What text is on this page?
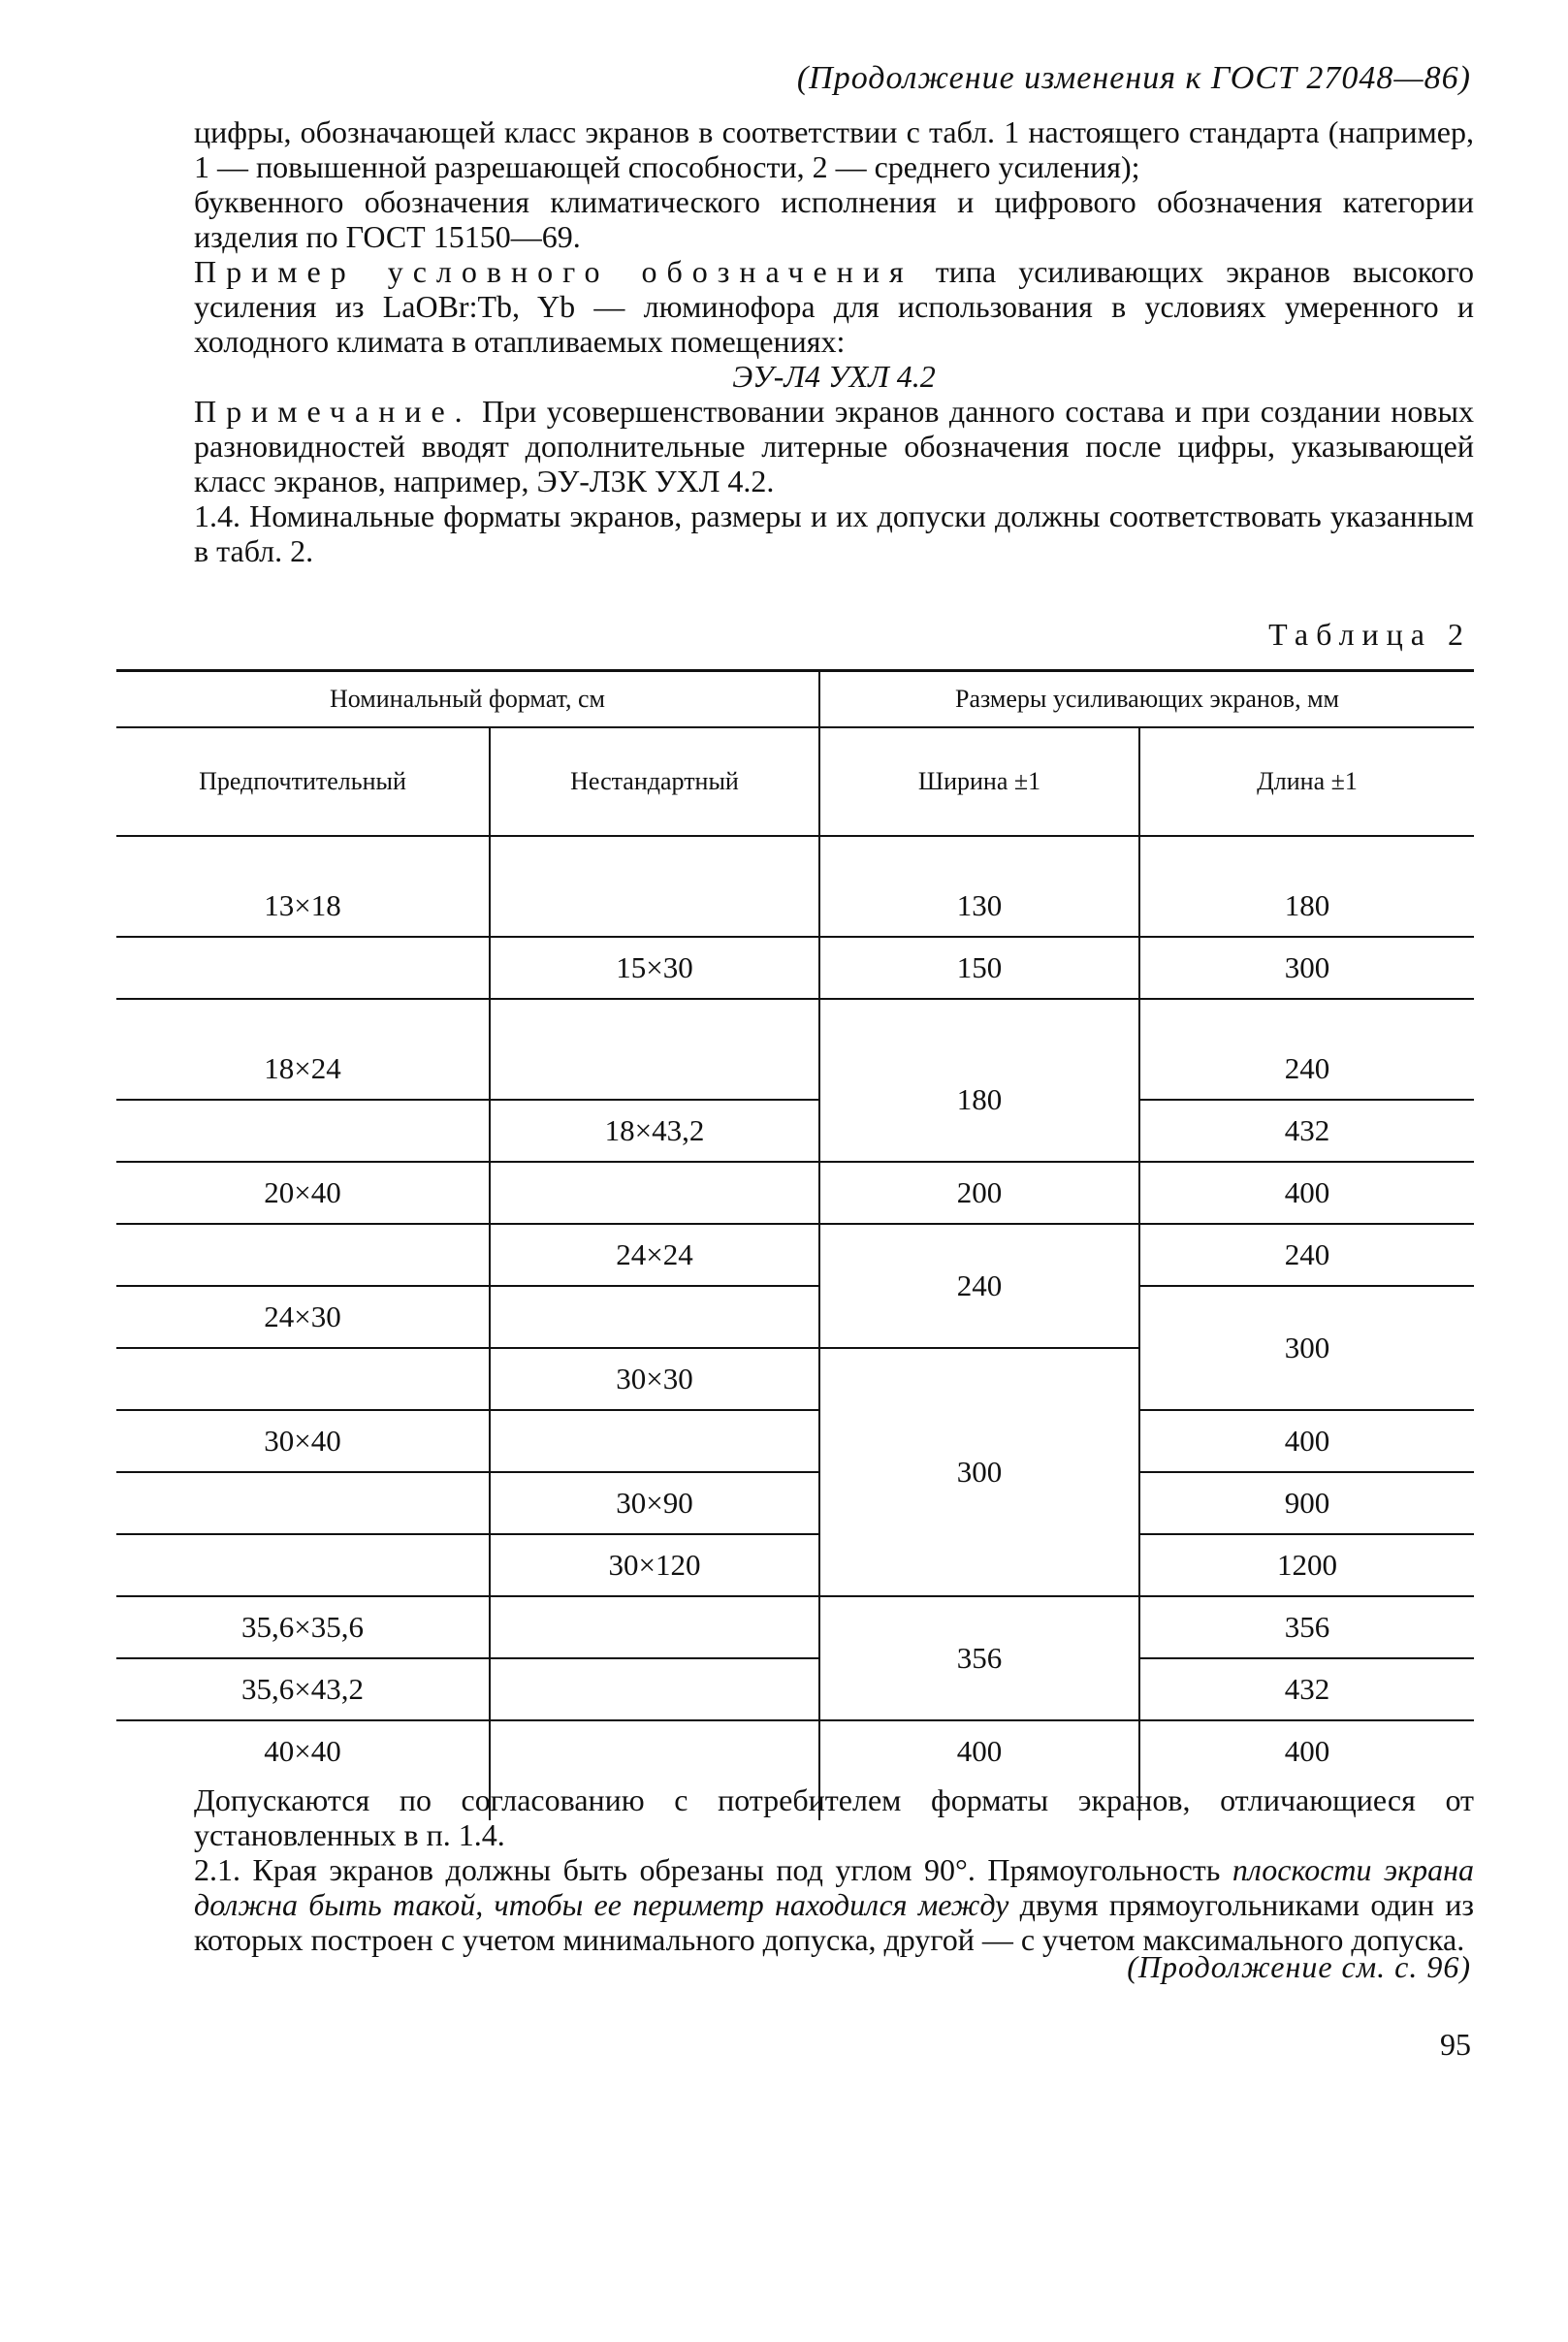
(Продолжение изменения к ГОСТ 27048—86)

цифры, обозначающей класс экранов в соответствии с табл. 1 настоящего стандарта (например, 1 — повышенной разрешающей способности, 2 — среднего усиления);

буквенного обозначения климатического исполнения и цифрового обозначения категории изделия по ГОСТ 15150—69.

Пример условного обозначения типа усиливающих экранов высокого усиления из LaOBr:Tb, Yb — люминофора для использования в условиях умеренного и холодного климата в отапливаемых помещениях:

ЭУ-Л4 УХЛ 4.2

Примечание. При усовершенствовании экранов данного состава и при создании новых разновидностей вводят дополнительные литерные обозначения после цифры, указывающей класс экранов, например, ЭУ-Л3К УХЛ 4.2.

1.4. Номинальные форматы экранов, размеры и их допуски должны соответствовать указанным в табл. 2.

Таблица 2
Номинальный формат, см		Размеры усиливающих экранов, мм	
Предпочтительный	Нестандартный	Ширина ±1	Длина ±1

13×18		130	180
	15×30	150	300

18×24		180	240
	18×43,2		432
20×40		200	400
	24×24	240	240
24×30			300
	30×30	300	
30×40			400
	30×90		900
	30×120		1200
35,6×35,6		356	356
35,6×43,2			432
40×40		400	400

Допускаются по согласованию с потребителем форматы экранов, отличающиеся от установленных в п. 1.4.

2.1. Края экранов должны быть обрезаны под углом 90°. Прямоугольность плоскости экрана должна быть такой, чтобы ее периметр находился между двумя прямоугольниками один из которых построен с учетом минимального допуска, другой — с учетом максимального допуска.

(Продолжение см. с. 96)
95
